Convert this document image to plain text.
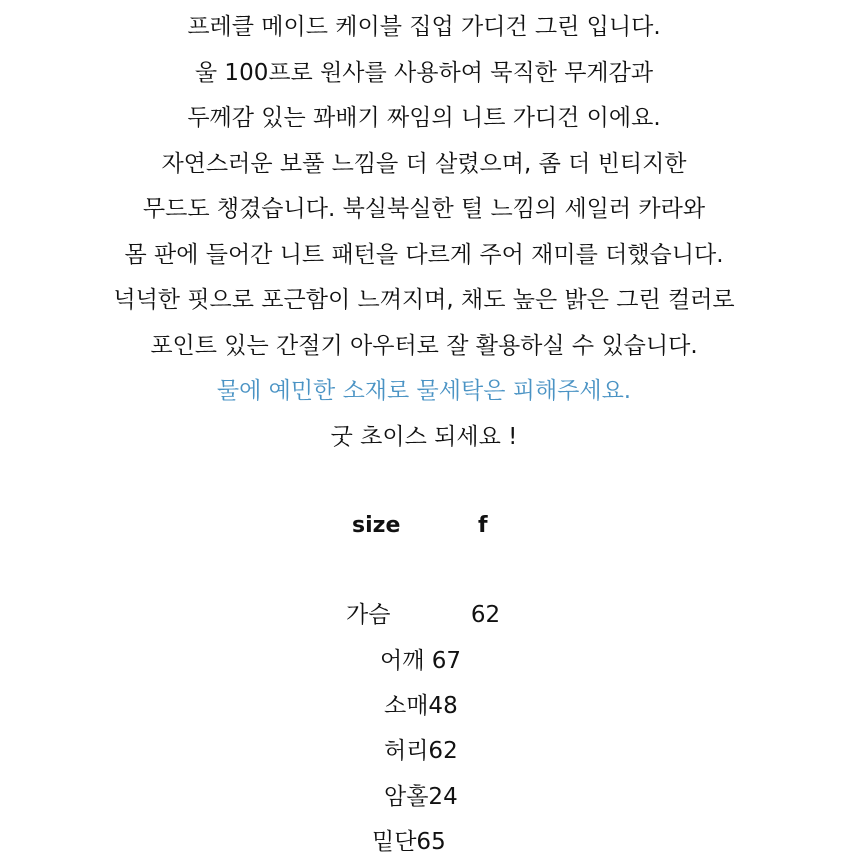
프레클 메이드 케이블 집업 가디건 그린 입니다.
울 100프로 원사를 사용하여 묵직한 무게감과
두께감 있는 꽈배기 짜임의 니트 가디건 이에요.
자연스러운 보풀 느낌을 더 살렸으며, 좀 더 빈티지한
무드도 챙겼습니다. 북실북실한 털 느낌의 세일러 카라와
몸 판에 들어간 니트 패턴을 다르게 주어 재미를 더했습니다.
넉넉한 핏으로 포근함이 느껴지며, 채도 높은 밝은 그린 컬러로
포인트 있는 간절기 아우터로 잘 활용하실 수 있습니다.
물에 예민한 소재로 물세탁은 피해주세요.
굿 초이스 되세요 !
size	f
가슴           62
어깨 67
소매48
허리62
암홀24
밑단65
